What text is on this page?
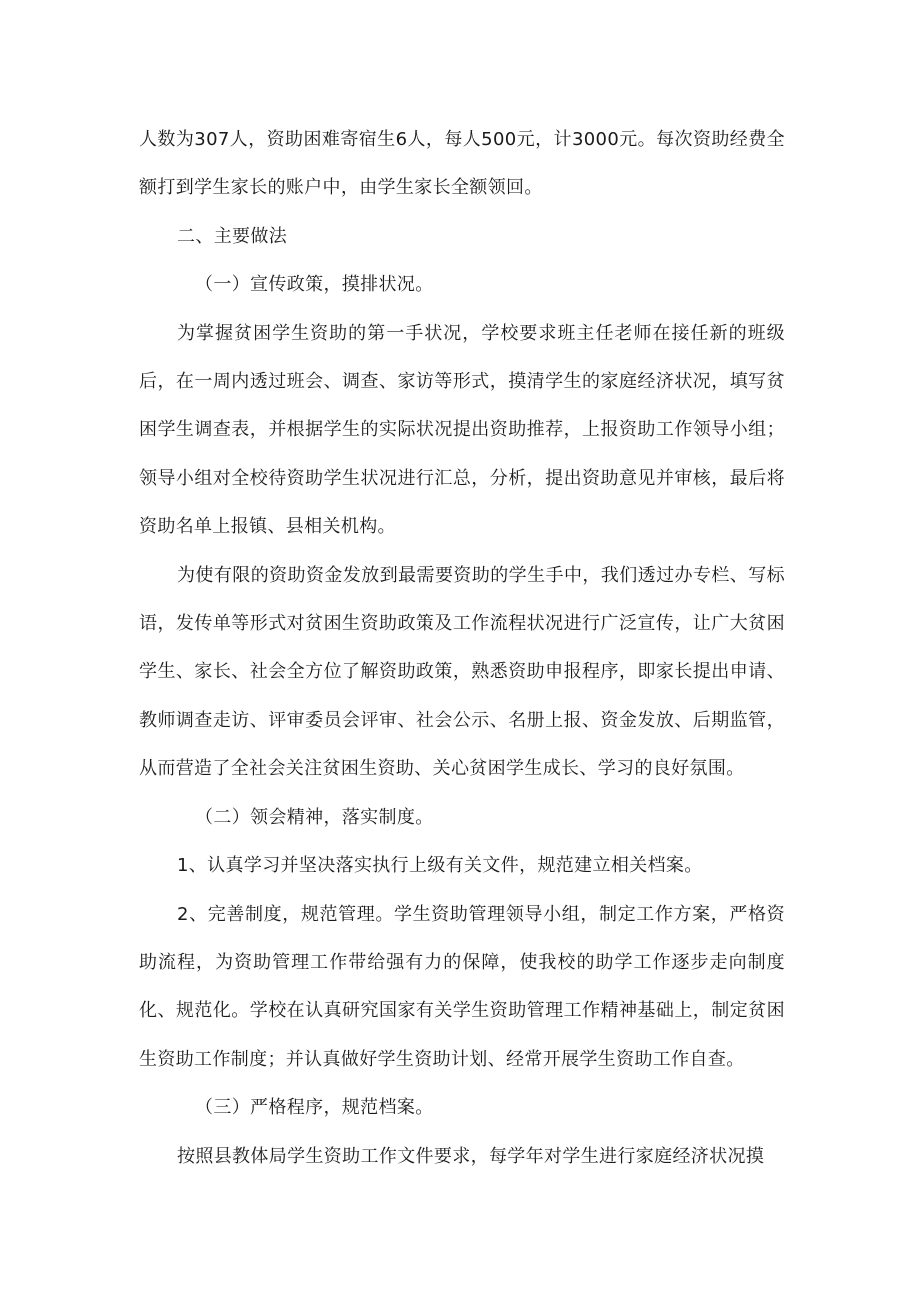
人数为307人，资助困难寄宿生6人，每人500元，计3000元。每次资助经费全额打到学生家长的账户中，由学生家长全额领回。

二、主要做法

（一）宣传政策，摸排状况。

为掌握贫困学生资助的第一手状况，学校要求班主任老师在接任新的班级后，在一周内透过班会、调查、家访等形式，摸清学生的家庭经济状况，填写贫困学生调查表，并根据学生的实际状况提出资助推荐，上报资助工作领导小组；领导小组对全校待资助学生状况进行汇总，分析，提出资助意见并审核，最后将资助名单上报镇、县相关机构。

为使有限的资助资金发放到最需要资助的学生手中，我们透过办专栏、写标语，发传单等形式对贫困生资助政策及工作流程状况进行广泛宣传，让广大贫困学生、家长、社会全方位了解资助政策，熟悉资助申报程序，即家长提出申请、教师调查走访、评审委员会评审、社会公示、名册上报、资金发放、后期监管，从而营造了全社会关注贫困生资助、关心贫困学生成长、学习的良好氛围。

（二）领会精神，落实制度。

1、认真学习并坚决落实执行上级有关文件，规范建立相关档案。

2、完善制度，规范管理。学生资助管理领导小组，制定工作方案，严格资助流程，为资助管理工作带给强有力的保障，使我校的助学工作逐步走向制度化、规范化。学校在认真研究国家有关学生资助管理工作精神基础上，制定贫困生资助工作制度；并认真做好学生资助计划、经常开展学生资助工作自查。

（三）严格程序，规范档案。

按照县教体局学生资助工作文件要求，每学年对学生进行家庭经济状况摸
